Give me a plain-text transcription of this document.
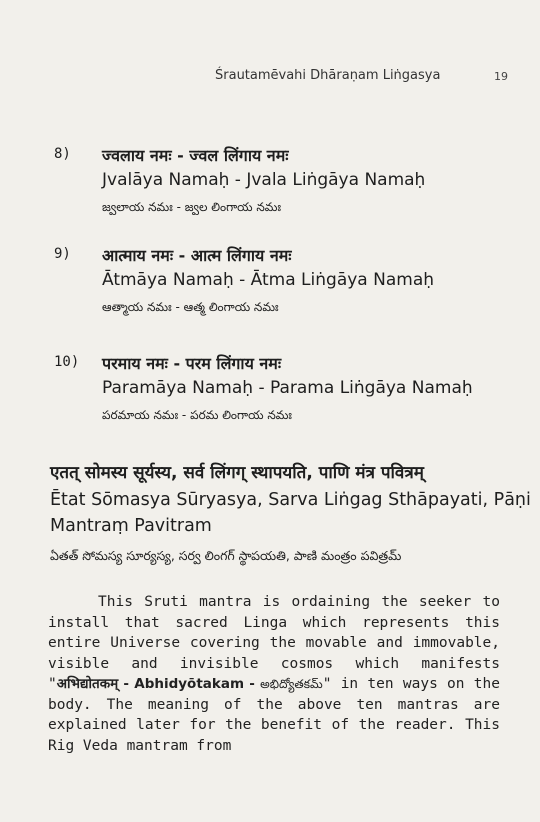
Śrautamēvahi Dhāraṇam Liṅgasya	19
8) ज्वलाय नमः - ज्वल लिंगाय नमः
Jvalāya Namaḥ - Jvala Liṅgāya Namaḥ
జ్వలాయ నమః - జ్వల లింగాయ నమః
9) आत्माय नमः - आत्म लिंगाय नमः
Ātmāya Namaḥ - Ātma Liṅgāya Namaḥ
ఆత్మాయ నమః - ఆత్మ లింగాయ నమః
10) परमाय नमः - परम लिंगाय नमः
Paramāya Namaḥ - Parama Liṅgāya Namaḥ
పరమాయ నమః - పరమ లింగాయ నమః
एतत् सोमस्य सूर्यस्य, सर्व लिंगग् स्थापयति, पाणि मंत्र पवित्रम्
Ētat Sōmasya Sūryasya, Sarva Liṅgag Sthāpayati, Pāṇi
Mantraṃ Pavitram
ఏతత్ సోమస్య సూర్యస్య, సర్వ లింగగ్ స్థాపయతి, పాణి మంత్రం పవిత్రమ్

This Sruti mantra is ordaining the seeker to install that sacred Linga which represents this entire Universe covering the movable and immovable, visible and invisible cosmos which manifests "अभिद्योतकम् - Abhidyōtakam - అభిద్యోతకమ్" in ten ways on the body. The meaning of the above ten mantras are explained later for the benefit of the reader. This Rig Veda mantram from
